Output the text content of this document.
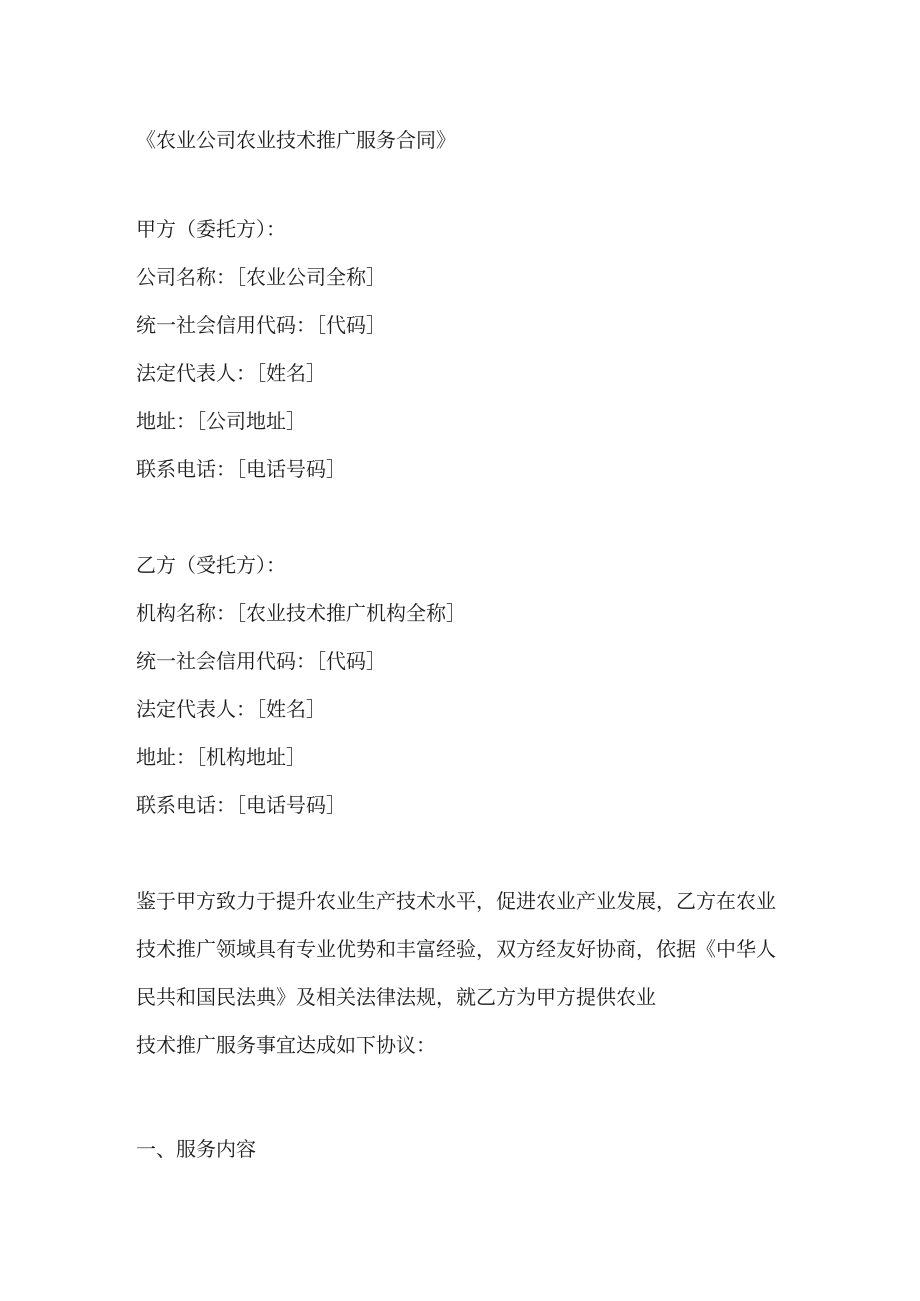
《农业公司农业技术推广服务合同》

甲方（委托方）：

公司名称：［农业公司全称］

统一社会信用代码：［代码］

法定代表人：［姓名］

地址：［公司地址］

联系电话：［电话号码］

乙方（受托方）：

机构名称：［农业技术推广机构全称］

统一社会信用代码：［代码］

法定代表人：［姓名］

地址：［机构地址］

联系电话：［电话号码］

鉴于甲方致力于提升农业生产技术水平，促进农业产业发展，乙方在农业

技术推广领域具有专业优势和丰富经验，双方经友好协商，依据《中华人

民共和国民法典》及相关法律法规，就乙方为甲方提供农业

技术推广服务事宜达成如下协议：

一、服务内容
